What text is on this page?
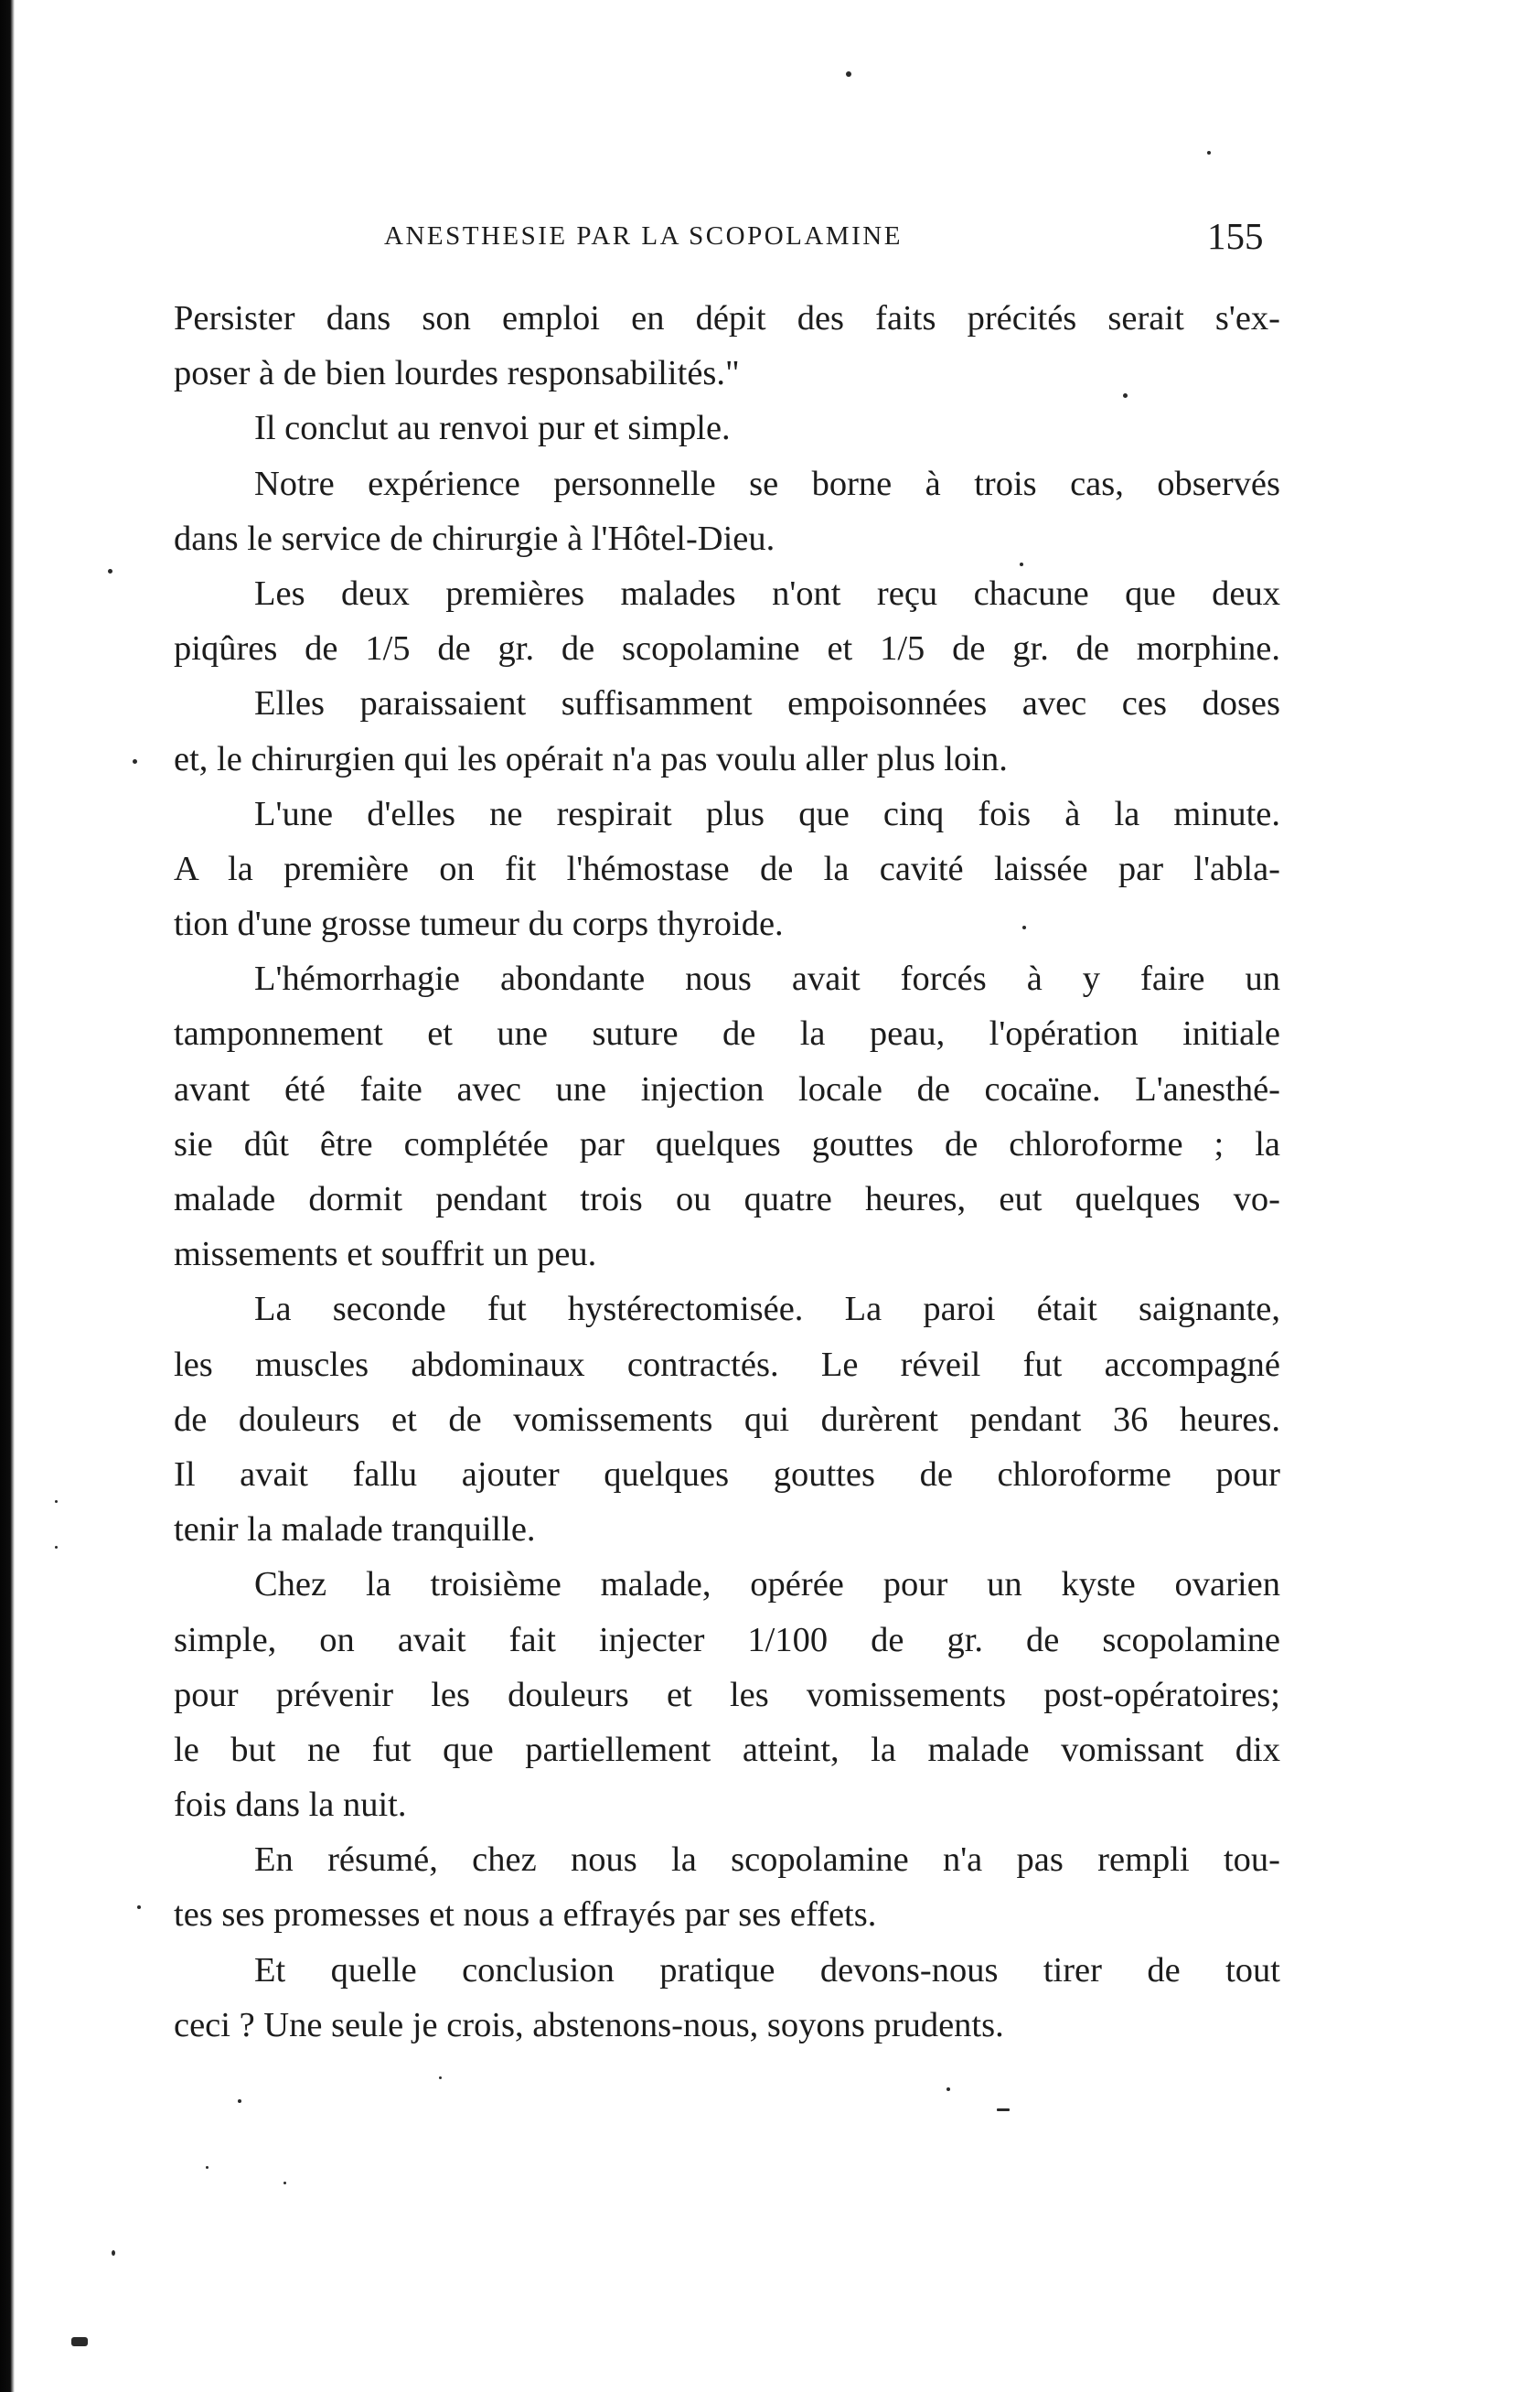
ANESTHESIE PAR LA SCOPOLAMINE	155
Persister dans son emploi en dépit des faits précités serait s'ex-
poser à de bien lourdes responsabilités."
Il conclut au renvoi pur et simple.
Notre expérience personnelle se borne à trois cas, observés
dans le service de chirurgie à l'Hôtel-Dieu.
Les deux premières malades n'ont reçu chacune que deux
piqûres de 1/5 de gr. de scopolamine et 1/5 de gr. de morphine.
Elles paraissaient suffisamment empoisonnées avec ces doses
et, le chirurgien qui les opérait n'a pas voulu aller plus loin.
L'une d'elles ne respirait plus que cinq fois à la minute.
A la première on fit l'hémostase de la cavité laissée par l'abla-
tion d'une grosse tumeur du corps thyroide.
L'hémorrhagie abondante nous avait forcés à y faire un
tamponnement et une suture de la peau, l'opération initiale
avant été faite avec une injection locale de cocaïne. L'anesthé-
sie dût être complétée par quelques gouttes de chloroforme ; la
malade dormit pendant trois ou quatre heures, eut quelques vo-
missements et souffrit un peu.
La seconde fut hystérectomisée. La paroi était saignante,
les muscles abdominaux contractés. Le réveil fut accompagné
de douleurs et de vomissements qui durèrent pendant 36 heures.
Il avait fallu ajouter quelques gouttes de chloroforme pour
tenir la malade tranquille.
Chez la troisième malade, opérée pour un kyste ovarien
simple, on avait fait injecter 1/100 de gr. de scopolamine
pour prévenir les douleurs et les vomissements post-opératoires;
le but ne fut que partiellement atteint, la malade vomissant dix
fois dans la nuit.
En résumé, chez nous la scopolamine n'a pas rempli tou-
tes ses promesses et nous a effrayés par ses effets.
Et quelle conclusion pratique devons-nous tirer de tout
ceci ? Une seule je crois, abstenons-nous, soyons prudents.
